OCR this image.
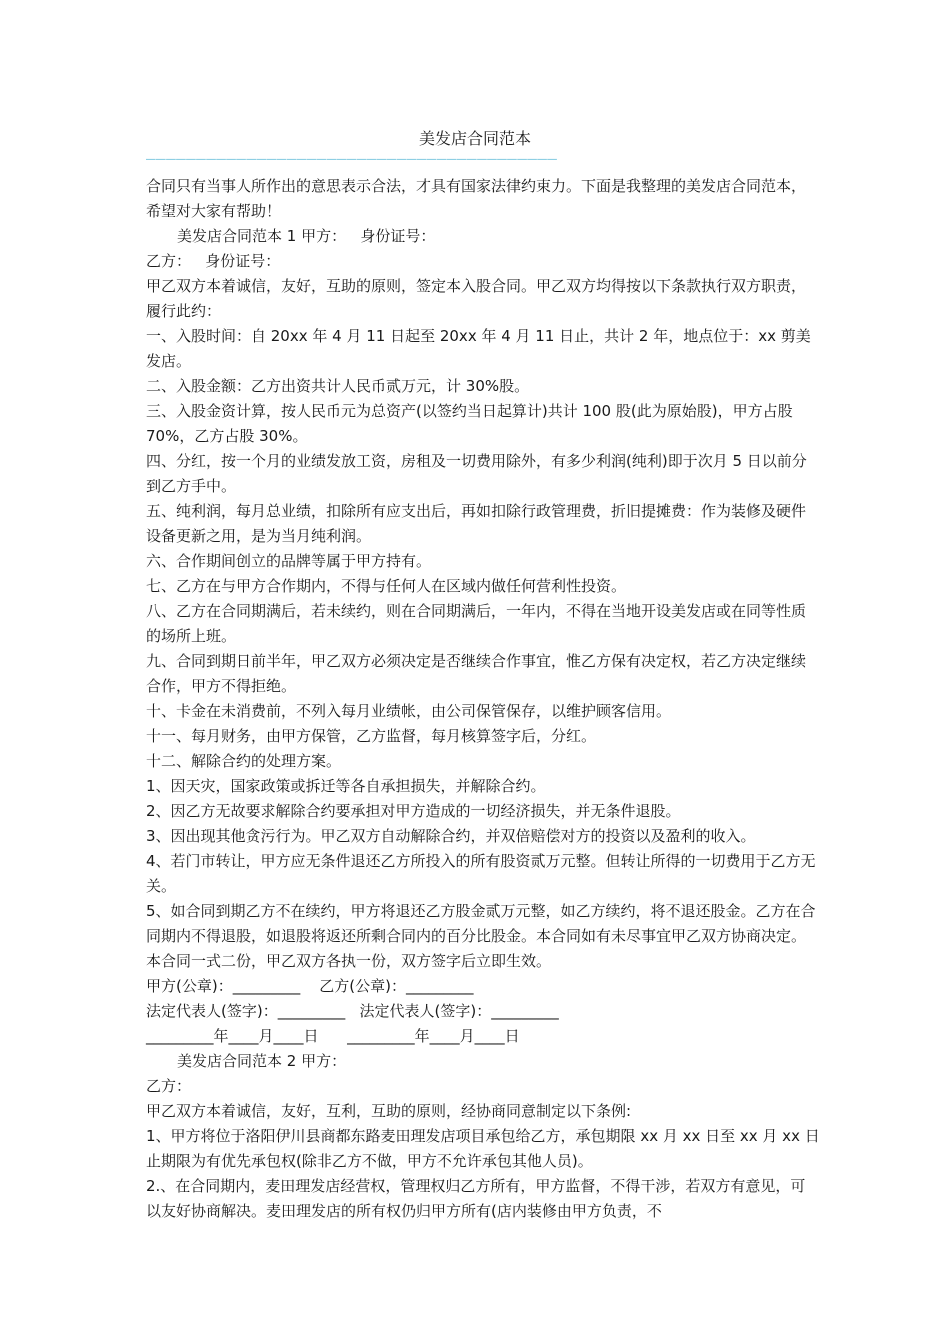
美发店合同范本
—————————————————————————————————————————

合同只有当事人所作出的意思表示合法，才具有国家法律约束力。下面是我整理的美发店合同范本，希望对大家有帮助！

美发店合同范本 1 甲方：   身份证号：

乙方：   身份证号：

甲乙双方本着诚信，友好，互助的原则，签定本入股合同。甲乙双方均得按以下条款执行双方职责，履行此约：

一、入股时间：自 20xx 年 4 月 11 日起至 20xx 年 4 月 11 日止，共计 2 年，地点位于：xx 剪美发店。

二、入股金额：乙方出资共计人民币贰万元，计 30%股。

三、入股金资计算，按人民币元为总资产(以签约当日起算计)共计 100 股(此为原始股)，甲方占股 70%，乙方占股 30%。

四、分红，按一个月的业绩发放工资，房租及一切费用除外，有多少利润(纯利)即于次月 5 日以前分到乙方手中。

五、纯利润，每月总业绩，扣除所有应支出后，再如扣除行政管理费，折旧提摊费：作为装修及硬件设备更新之用，是为当月纯利润。

六、合作期间创立的品牌等属于甲方持有。

七、乙方在与甲方合作期内，不得与任何人在区域内做任何营利性投资。

八、乙方在合同期满后，若未续约，则在合同期满后，一年内，不得在当地开设美发店或在同等性质的场所上班。

九、合同到期日前半年，甲乙双方必须决定是否继续合作事宜，惟乙方保有决定权，若乙方决定继续合作，甲方不得拒绝。

十、卡金在未消费前，不列入每月业绩帐，由公司保管保存，以维护顾客信用。

十一、每月财务，由甲方保管，乙方监督，每月核算签字后，分红。

十二、解除合约的处理方案。

1、因天灾，国家政策或拆迁等各自承担损失，并解除合约。

2、因乙方无故要求解除合约要承担对甲方造成的一切经济损失，并无条件退股。

3、因出现其他贪污行为。甲乙双方自动解除合约，并双倍赔偿对方的投资以及盈利的收入。

4、若门市转让，甲方应无条件退还乙方所投入的所有股资贰万元整。但转让所得的一切费用于乙方无关。

5、如合同到期乙方不在续约，甲方将退还乙方股金贰万元整，如乙方续约，将不退还股金。乙方在合同期内不得退股，如退股将返还所剩合同内的百分比股金。本合同如有未尽事宜甲乙双方协商决定。本合同一式二份，甲乙双方各执一份，双方签字后立即生效。

甲方(公章)：_________    乙方(公章)：_________

法定代表人(签字)：_________   法定代表人(签字)：_________

_________年____月____日      _________年____月____日

美发店合同范本 2 甲方：

乙方：

甲乙双方本着诚信，友好，互利，互助的原则，经协商同意制定以下条例:

1、甲方将位于洛阳伊川县商都东路麦田理发店项目承包给乙方，承包期限 xx 月 xx 日至 xx 月 xx 日止期限为有优先承包权(除非乙方不做，甲方不允许承包其他人员)。

2.、在合同期内，麦田理发店经营权，管理权归乙方所有，甲方监督，不得干涉，若双方有意见，可以友好协商解决。麦田理发店的所有权仍归甲方所有(店内装修由甲方负责，不
